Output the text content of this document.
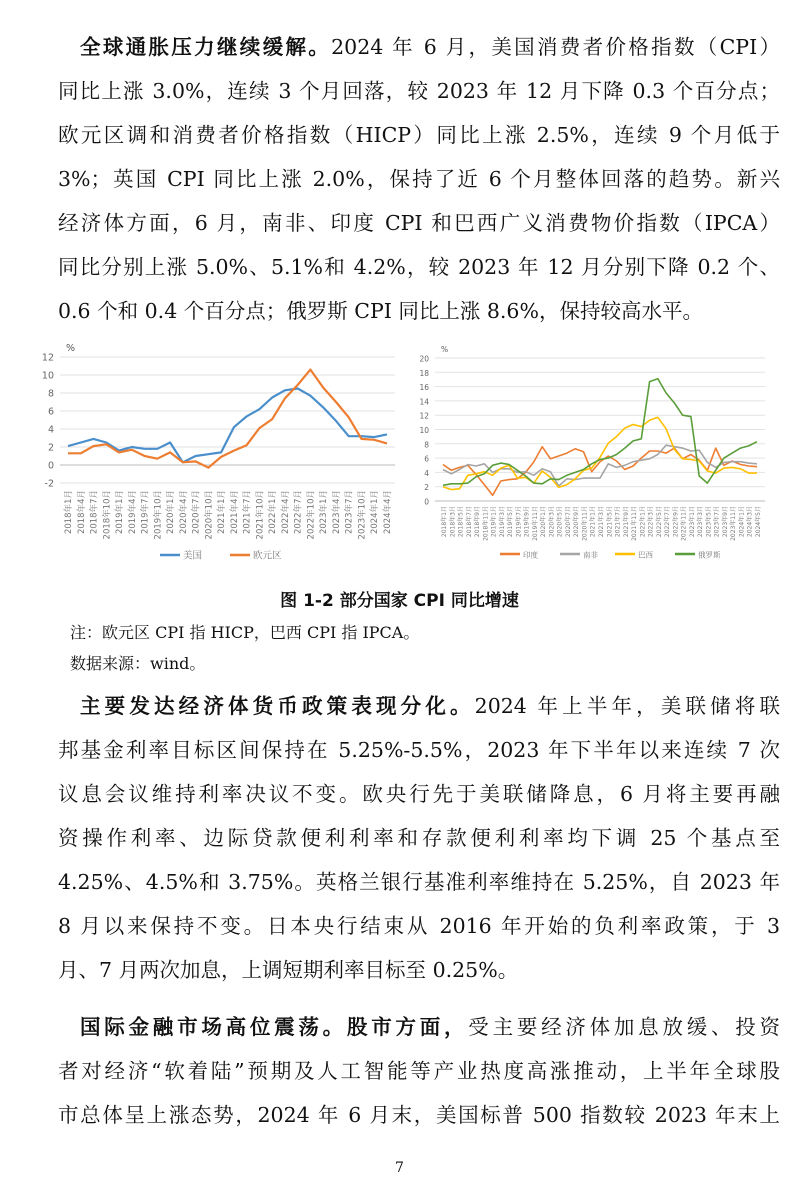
全球通胀压力继续缓解。2024 年 6 月，美国消费者价格指数（CPI）
同比上涨 3.0%，连续 3 个月回落，较 2023 年 12 月下降 0.3 个百分点；
欧元区调和消费者价格指数（HICP）同比上涨 2.5%，连续 9 个月低于
3%；英国 CPI 同比上涨 2.0%，保持了近 6 个月整体回落的趋势。新兴
经济体方面，6 月，南非、印度 CPI 和巴西广义消费物价指数（IPCA）
同比分别上涨 5.0%、5.1%和 4.2%，较 2023 年 12 月分别下降 0.2 个、
0.6 个和 0.4 个百分点；俄罗斯 CPI 同比上涨 8.6%，保持较高水平。
-2
0
2
4
6
8
10
12
%
2018年1月 2018年4月 2018年7月 2018年10月 2019年1月 2019年4月 2019年7月 2019年10月 2020年1月 2020年4月 2020年7月 2020年10月 2021年1月 2021年4月 2021年7月 2021年10月 2022年1月 2022年4月 2022年7月 2022年10月 2023年1月 2023年4月 2023年7月 2023年10月 2024年1月 2024年4月
美国	欧元区
0
2
4
6
8
10
12
14
16
18
20
%
2018年1月 2018年3月 2018年5月 2018年7月 2018年9月 2018年11月 2019年1月 2019年3月 2019年5月 2019年7月 2019年9月 2019年11月 2020年1月 2020年3月 2020年5月 2020年7月 2020年9月 2020年11月 2021年1月 2021年3月 2021年5月 2021年7月 2021年9月 2021年11月 2022年1月 2022年3月 2022年5月 2022年7月 2022年9月 2022年11月 2023年1月 2023年3月 2023年5月 2023年7月 2023年9月 2023年11月 2024年1月 2024年3月 2024年5月
印度	南非	巴西	俄罗斯
图 1-2 部分国家 CPI 同比增速
注：欧元区 CPI 指 HICP，巴西 CPI 指 IPCA。
数据来源：wind。
主要发达经济体货币政策表现分化。2024 年上半年，美联储将联
邦基金利率目标区间保持在 5.25%-5.5%，2023 年下半年以来连续 7 次
议息会议维持利率决议不变。欧央行先于美联储降息，6 月将主要再融
资操作利率、边际贷款便利利率和存款便利利率均下调 25 个基点至
4.25%、4.5%和 3.75%。英格兰银行基准利率维持在 5.25%，自 2023 年
8 月以来保持不变。日本央行结束从 2016 年开始的负利率政策，于 3
月、7 月两次加息，上调短期利率目标至 0.25%。
国际金融市场高位震荡。股市方面，受主要经济体加息放缓、投资
者对经济“软着陆”预期及人工智能等产业热度高涨推动，上半年全球股
市总体呈上涨态势，2024 年 6 月末，美国标普 500 指数较 2023 年末上
7
